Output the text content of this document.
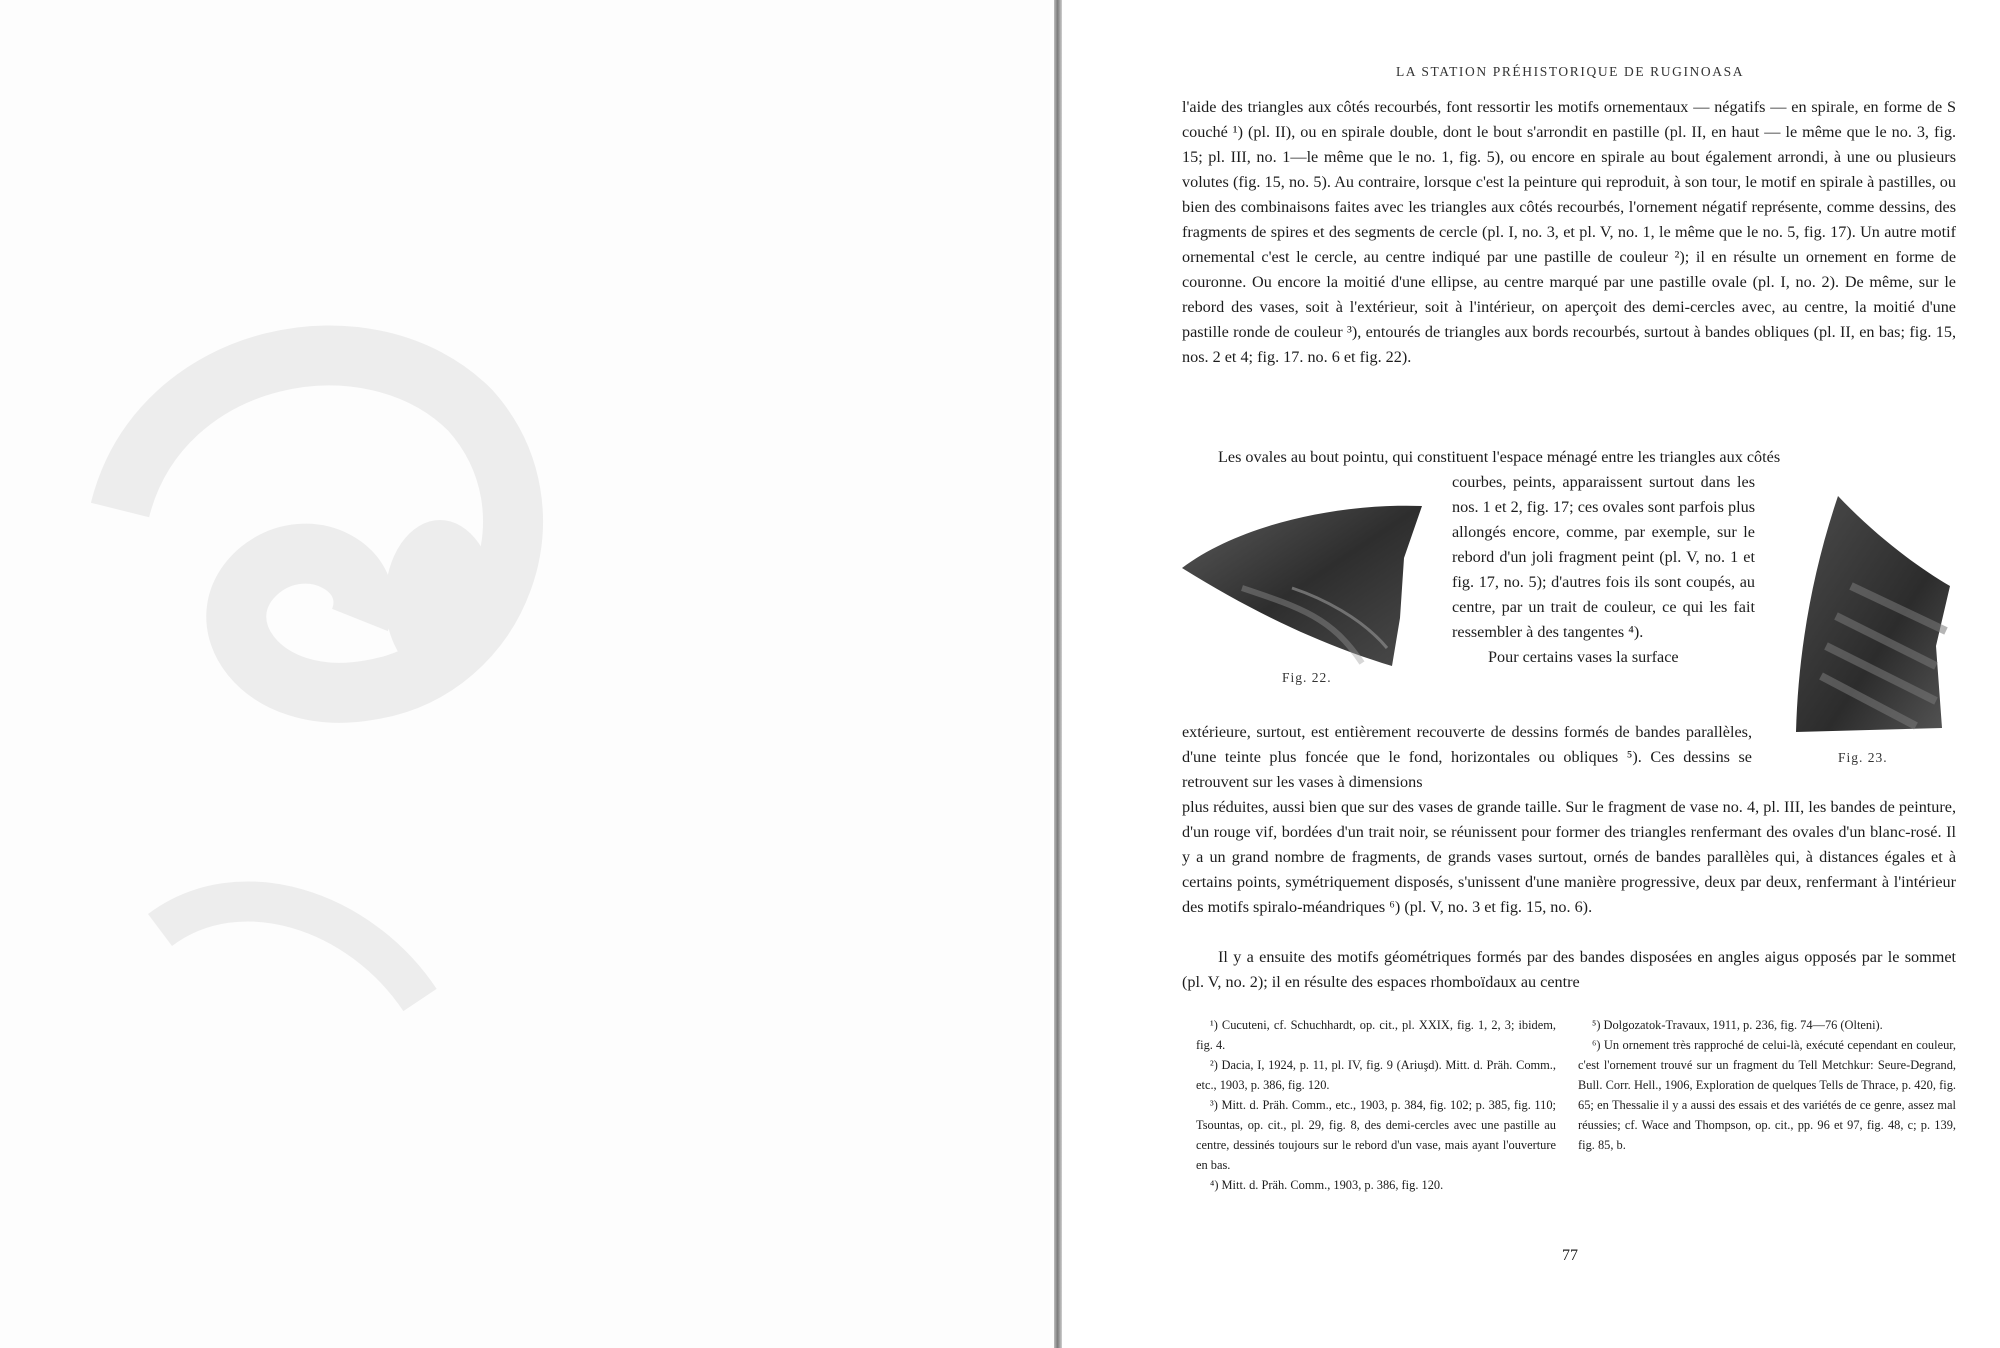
LA STATION PRÉHISTORIQUE DE RUGINOASA

l'aide des triangles aux côtés recourbés, font ressortir les motifs ornementaux — négatifs — en spirale, en forme de S couché ¹) (pl. II), ou en spirale double, dont le bout s'arrondit en pastille (pl. II, en haut — le même que le no. 3, fig. 15; pl. III, no. 1—le même que le no. 1, fig. 5), ou encore en spirale au bout également arrondi, à une ou plusieurs volutes (fig. 15, no. 5). Au contraire, lorsque c'est la peinture qui reproduit, à son tour, le motif en spirale à pastilles, ou bien des combinaisons faites avec les triangles aux côtés recourbés, l'ornement négatif représente, comme dessins, des fragments de spires et des segments de cercle (pl. I, no. 3, et pl. V, no. 1, le même que le no. 5, fig. 17). Un autre motif ornemental c'est le cercle, au centre indiqué par une pastille de couleur ²); il en résulte un ornement en forme de couronne. Ou encore la moitié d'une ellipse, au centre marqué par une pastille ovale (pl. I, no. 2). De même, sur le rebord des vases, soit à l'extérieur, soit à l'intérieur, on aperçoit des demi-cercles avec, au centre, la moitié d'une pastille ronde de couleur ³), entourés de triangles aux bords recourbés, surtout à bandes obliques (pl. II, en bas; fig. 15, nos. 2 et 4; fig. 17. no. 6 et fig. 22).

Les ovales au bout pointu, qui constituent l'espace ménagé entre les triangles aux côtés

Fig. 22.
courbes, peints, apparaissent surtout dans les nos. 1 et 2, fig. 17; ces ovales sont parfois plus allongés encore, comme, par exemple, sur le rebord d'un joli fragment peint (pl. V, no. 1 et fig. 17, no. 5); d'autres fois ils sont coupés, au centre, par un trait de couleur, ce qui les fait ressembler à des tangentes ⁴).
Pour certains vases la surface
Fig. 23.

extérieure, surtout, est entièrement recouverte de dessins formés de bandes parallèles, d'une teinte plus foncée que le fond, horizontales ou obliques ⁵). Ces dessins se retrouvent sur les vases à dimensions

plus réduites, aussi bien que sur des vases de grande taille. Sur le fragment de vase no. 4, pl. III, les bandes de peinture, d'un rouge vif, bordées d'un trait noir, se réunissent pour former des triangles renfermant des ovales d'un blanc-rosé. Il y a un grand nombre de fragments, de grands vases surtout, ornés de bandes parallèles qui, à distances égales et à certains points, symétriquement disposés, s'unissent d'une manière progressive, deux par deux, renfermant à l'intérieur des motifs spiralo-méandriques ⁶) (pl. V, no. 3 et fig. 15, no. 6).

Il y a ensuite des motifs géométriques formés par des bandes disposées en angles aigus opposés par le sommet (pl. V, no. 2); il en résulte des espaces rhomboïdaux au centre

¹) Cucuteni, cf. Schuchhardt, op. cit., pl. XXIX, fig. 1, 2, 3; ibidem, fig. 4.

²) Dacia, I, 1924, p. 11, pl. IV, fig. 9 (Ariuşd). Mitt. d. Präh. Comm., etc., 1903, p. 386, fig. 120.

³) Mitt. d. Präh. Comm., etc., 1903, p. 384, fig. 102; p. 385, fig. 110; Tsountas, op. cit., pl. 29, fig. 8, des demi-cercles avec une pastille au centre, dessinés toujours sur le rebord d'un vase, mais ayant l'ouverture en bas.

⁴) Mitt. d. Präh. Comm., 1903, p. 386, fig. 120.

⁵) Dolgozatok-Travaux, 1911, p. 236, fig. 74—76 (Olteni).

⁶) Un ornement très rapproché de celui-là, exécuté cependant en couleur, c'est l'ornement trouvé sur un fragment du Tell Metchkur: Seure-Degrand, Bull. Corr. Hell., 1906, Exploration de quelques Tells de Thrace, p. 420, fig. 65; en Thessalie il y a aussi des essais et des variétés de ce genre, assez mal réussies; cf. Wace and Thompson, op. cit., pp. 96 et 97, fig. 48, c; p. 139, fig. 85, b.

77
